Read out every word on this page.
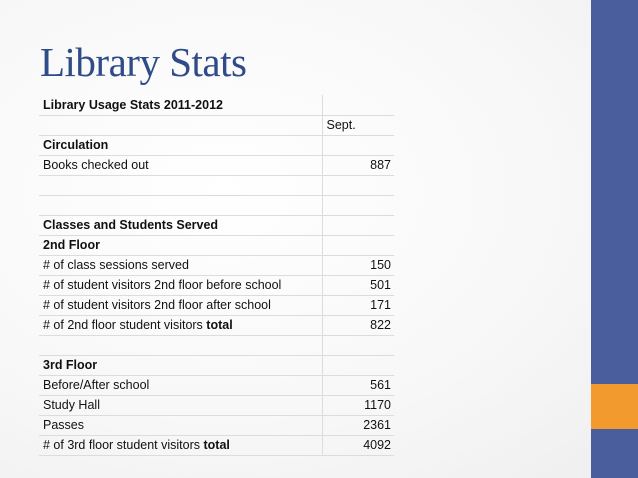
Library Stats
Library Usage Stats 2011-2012	
	Sept.
Circulation	
Books checked out	887

Classes and Students Served	
2nd Floor	
# of class sessions served	150
# of student visitors 2nd floor before school	501
# of student visitors 2nd floor after school	171
# of 2nd floor student visitors total	822

3rd Floor	
Before/After school	561
Study Hall	1170
Passes	2361
# of 3rd floor student visitors total	4092
